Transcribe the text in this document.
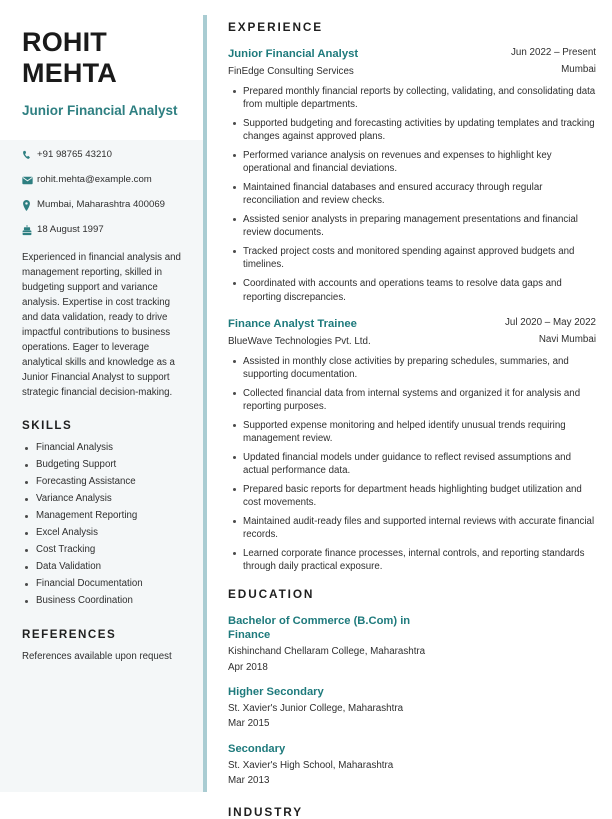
ROHIT
MEHTA
Junior Financial Analyst
+91 98765 43210
rohit.mehta@example.com
Mumbai, Maharashtra 400069
18 August 1997
Experienced in financial analysis and management reporting, skilled in budgeting support and variance analysis. Expertise in cost tracking and data validation, ready to drive impactful contributions to business operations. Eager to leverage analytical skills and knowledge as a Junior Financial Analyst to support strategic financial decision-making.
SKILLS
Financial Analysis
Budgeting Support
Forecasting Assistance
Variance Analysis
Management Reporting
Excel Analysis
Cost Tracking
Data Validation
Financial Documentation
Business Coordination
REFERENCES
References available upon request
EXPERIENCE
Junior Financial Analyst
FinEdge Consulting Services
Jun 2022 – Present
Mumbai
Prepared monthly financial reports by collecting, validating, and consolidating data from multiple departments.
Supported budgeting and forecasting activities by updating templates and tracking changes against approved plans.
Performed variance analysis on revenues and expenses to highlight key operational and financial deviations.
Maintained financial databases and ensured accuracy through regular reconciliation and review checks.
Assisted senior analysts in preparing management presentations and financial review documents.
Tracked project costs and monitored spending against approved budgets and timelines.
Coordinated with accounts and operations teams to resolve data gaps and reporting discrepancies.
Finance Analyst Trainee
BlueWave Technologies Pvt. Ltd.
Jul 2020 – May 2022
Navi Mumbai
Assisted in monthly close activities by preparing schedules, summaries, and supporting documentation.
Collected financial data from internal systems and organized it for analysis and reporting purposes.
Supported expense monitoring and helped identify unusual trends requiring management review.
Updated financial models under guidance to reflect revised assumptions and actual performance data.
Prepared basic reports for department heads highlighting budget utilization and cost movements.
Maintained audit-ready files and supported internal reviews with accurate financial records.
Learned corporate finance processes, internal controls, and reporting standards through daily practical exposure.
EDUCATION
Bachelor of Commerce (B.Com) in Finance
Kishinchand Chellaram College, Maharashtra
Apr 2018
Higher Secondary
St. Xavier's Junior College, Maharashtra
Mar 2015
Secondary
St. Xavier's High School, Maharashtra
Mar 2013
INDUSTRY
